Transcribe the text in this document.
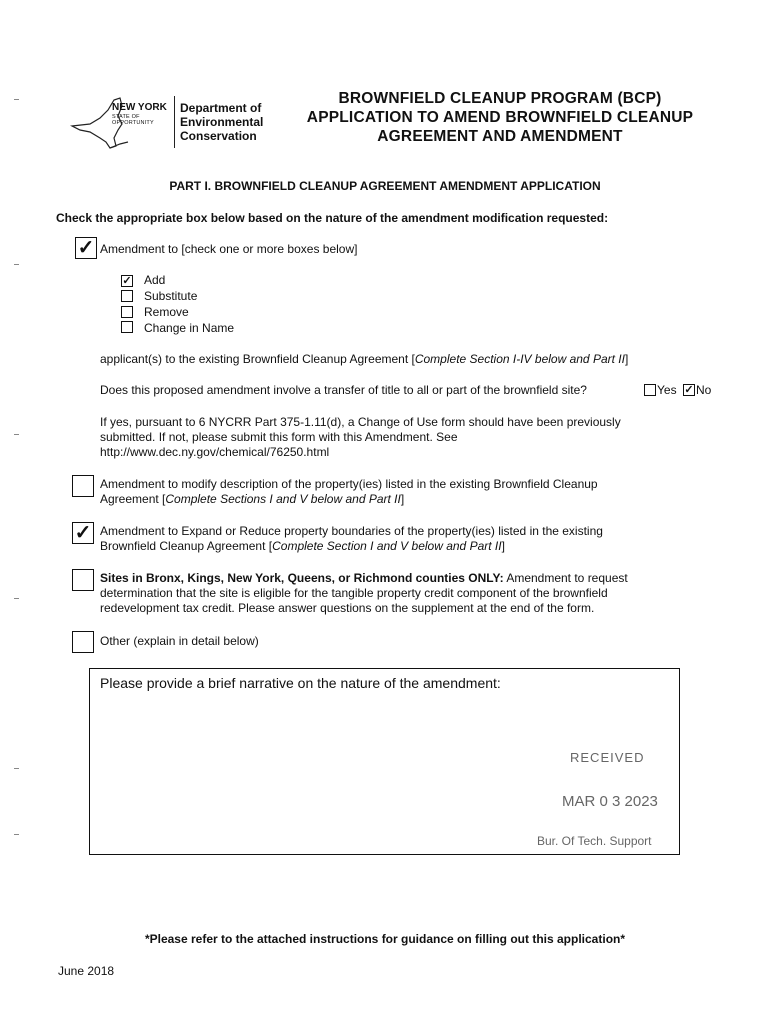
NEW YORK
STATE OF
OPPORTUNITY
Department of
Environmental
Conservation
BROWNFIELD CLEANUP PROGRAM (BCP)
APPLICATION TO AMEND BROWNFIELD CLEANUP
AGREEMENT AND AMENDMENT
PART I. BROWNFIELD CLEANUP AGREEMENT AMENDMENT APPLICATION
Check the appropriate box below based on the nature of the amendment modification requested:
✓ Amendment to [check one or more boxes below]
✓ Add
Substitute
Remove
Change in Name
applicant(s) to the existing Brownfield Cleanup Agreement [Complete Section I-IV below and Part II]
Does this proposed amendment involve a transfer of title to all or part of the brownfield site?	Yes ✓ No
If yes, pursuant to 6 NYCRR Part 375-1.11(d), a Change of Use form should have been previously
submitted. If not, please submit this form with this Amendment. See
http://www.dec.ny.gov/chemical/76250.html
Amendment to modify description of the property(ies) listed in the existing Brownfield Cleanup
Agreement [Complete Sections I and V below and Part II]
✓ Amendment to Expand or Reduce property boundaries of the property(ies) listed in the existing
Brownfield Cleanup Agreement [Complete Section I and V below and Part II]
Sites in Bronx, Kings, New York, Queens, or Richmond counties ONLY: Amendment to request
determination that the site is eligible for the tangible property credit component of the brownfield
redevelopment tax credit. Please answer questions on the supplement at the end of the form.
Other (explain in detail below)
Please provide a brief narrative on the nature of the amendment:
RECEIVED
MAR 0 3 2023
Bur. Of Tech. Support
*Please refer to the attached instructions for guidance on filling out this application*
June 2018
